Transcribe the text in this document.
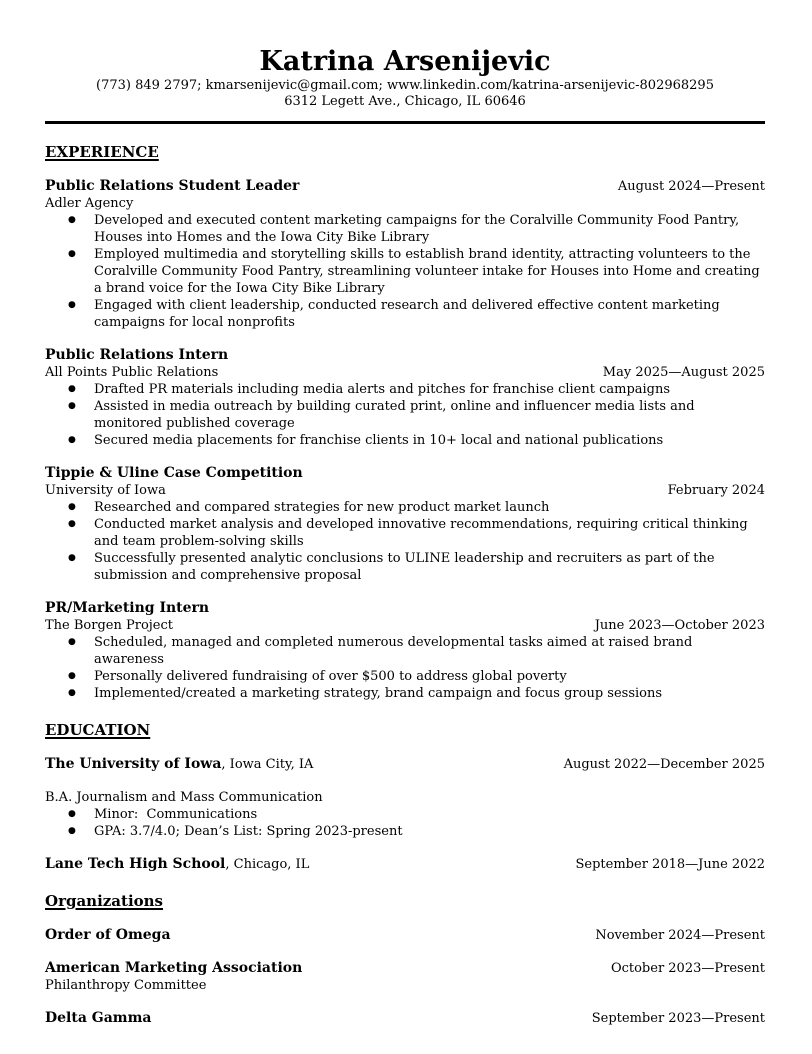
Katrina Arsenijevic

(773) 849 2797; kmarsenijevic@gmail.com; www.linkedin.com/katrina-arsenijevic-802968295

6312 Legett Ave., Chicago, IL 60646

EXPERIENCE
Public Relations Student Leader	August 2024—Present
Adler Agency
● Developed and executed content marketing campaigns for the Coralville Community Food Pantry, Houses into Homes and the Iowa City Bike Library
● Employed multimedia and storytelling skills to establish brand identity, attracting volunteers to the Coralville Community Food Pantry, streamlining volunteer intake for Houses into Home and creating a brand voice for the Iowa City Bike Library
● Engaged with client leadership, conducted research and delivered effective content marketing campaigns for local nonprofits
Public Relations Intern
All Points Public Relations	May 2025—August 2025
● Drafted PR materials including media alerts and pitches for franchise client campaigns
● Assisted in media outreach by building curated print, online and influencer media lists and monitored published coverage
● Secured media placements for franchise clients in 10+ local and national publications
Tippie & Uline Case Competition
University of Iowa	February 2024
● Researched and compared strategies for new product market launch
● Conducted market analysis and developed innovative recommendations, requiring critical thinking and team problem-solving skills
● Successfully presented analytic conclusions to ULINE leadership and recruiters as part of the submission and comprehensive proposal
PR/Marketing Intern
The Borgen Project	June 2023—October 2023
● Scheduled, managed and completed numerous developmental tasks aimed at raised brand awareness
● Personally delivered fundraising of over $500 to address global poverty
● Implemented/created a marketing strategy, brand campaign and focus group sessions
EDUCATION
The University of Iowa, Iowa City, IA	August 2022—December 2025
B.A. Journalism and Mass Communication
● Minor:  Communications
● GPA: 3.7/4.0; Dean’s List: Spring 2023-present
Lane Tech High School, Chicago, IL	September 2018—June 2022
Organizations
Order of Omega	November 2024—Present
American Marketing Association	October 2023—Present
Philanthropy Committee
Delta Gamma	September 2023—Present
